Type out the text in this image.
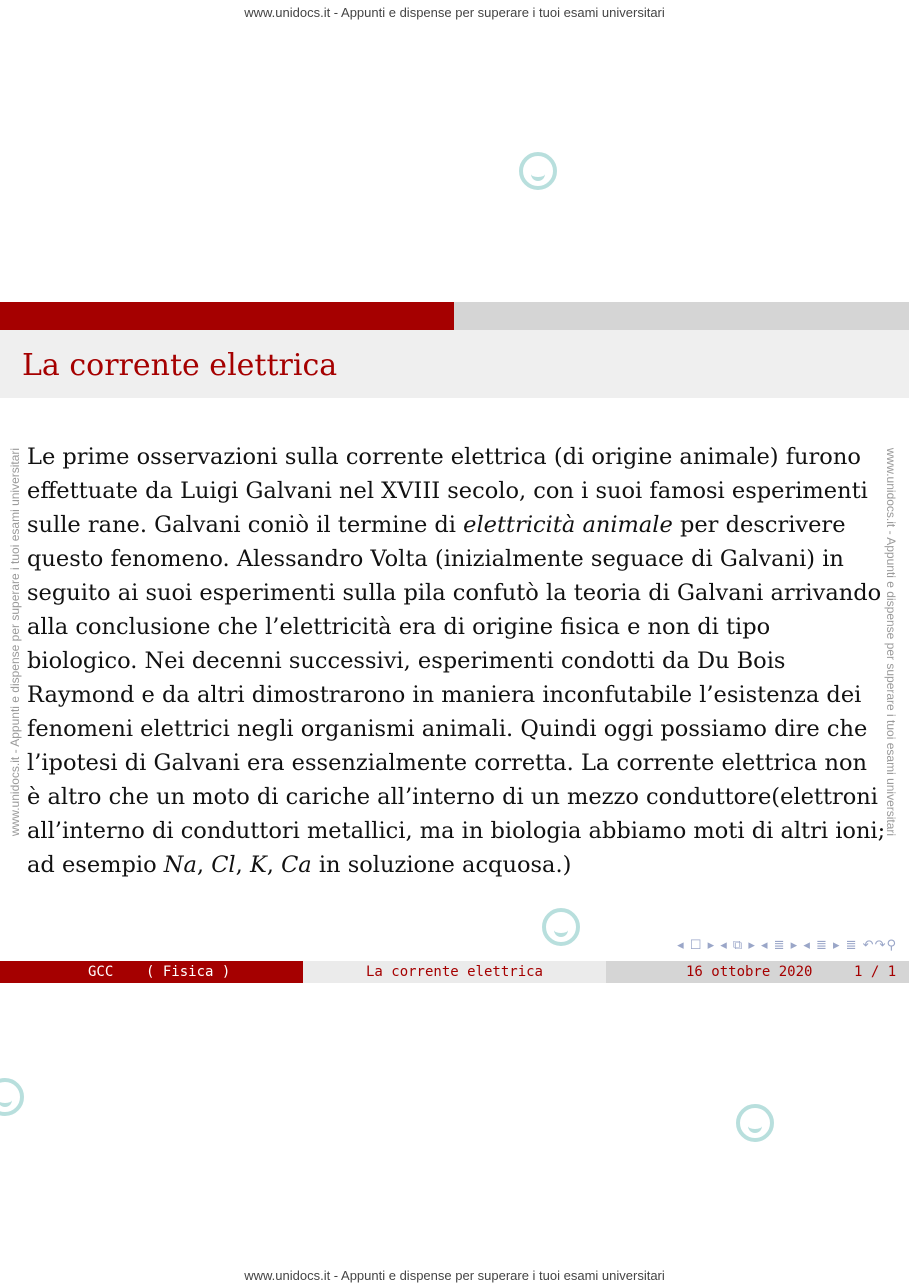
www.unidocs.it - Appunti e dispense per superare i tuoi esami universitari
www.unidocs.it - Appunti e dispense per superare i tuoi esami universitari
www.unidocs.it - Appunti e dispense per superare i tuoi esami universitari	www.unidocs.it - Appunti e dispense per superare i tuoi esami universitari
La corrente elettrica

Le prime osservazioni sulla corrente elettrica (di origine animale) furono effettuate da Luigi Galvani nel XVIII secolo, con i suoi famosi esperimenti sulle rane. Galvani coniò il termine di elettricità animale per descrivere questo fenomeno. Alessandro Volta (inizialmente seguace di Galvani) in seguito ai suoi esperimenti sulla pila confutò la teoria di Galvani arrivando alla conclusione che l’elettricità era di origine fisica e non di tipo biologico. Nei decenni successivi, esperimenti condotti da Du Bois Raymond e da altri dimostrarono in maniera inconfutabile l’esistenza dei fenomeni elettrici negli organismi animali. Quindi oggi possiamo dire che l’ipotesi di Galvani era essenzialmente corretta. La corrente elettrica non è altro che un moto di cariche all’interno di un mezzo conduttore(elettroni all’interno di conduttori metallici, ma in biologia abbiamo moti di altri ioni; ad esempio Na, Cl, K, Ca in soluzione acquosa.)

◂ ☐ ▸ ◂ ⧉ ▸ ◂ ≣ ▸ ◂ ≣ ▸ ≣ ↶↷⚲
GCC ( Fisica )	La corrente elettrica	16 ottobre 2020	1 / 1
